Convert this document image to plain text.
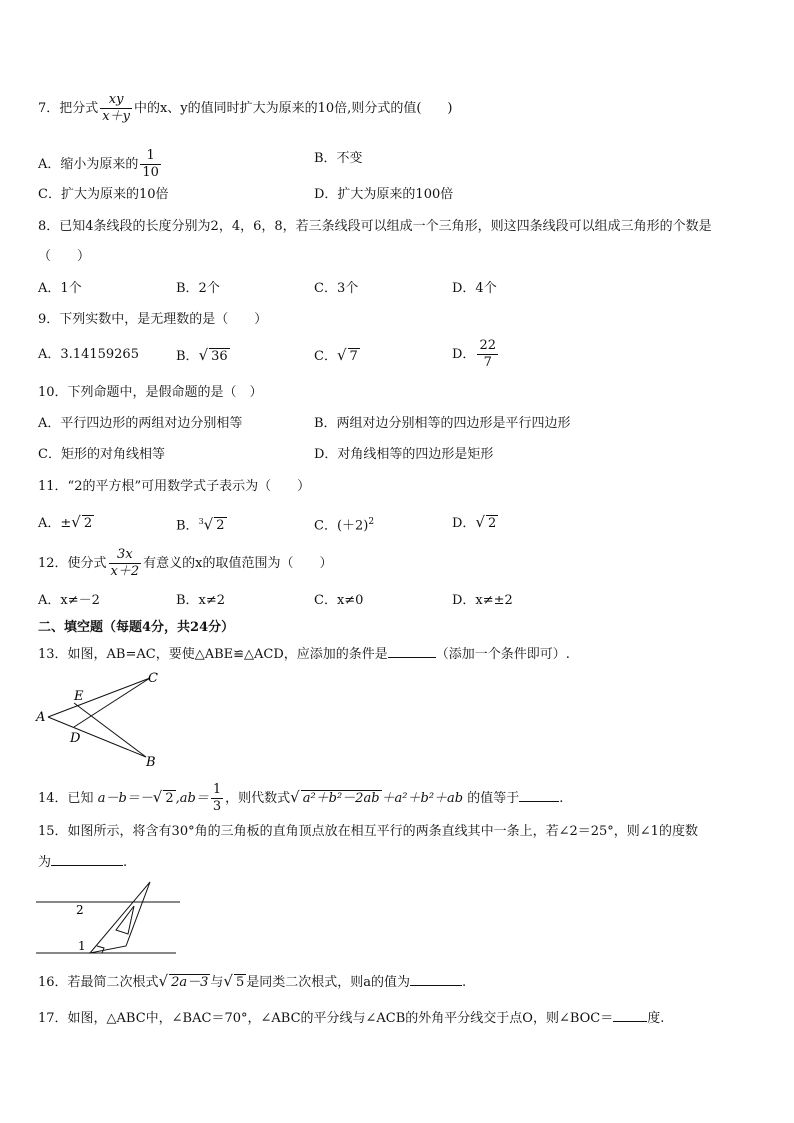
7．把分式 $\frac{xy}{x+y}$ 中的x、y的值同时扩大为原来的10倍,则分式的值(　　)
A．缩小为原来的 $\frac{1}{10}$	B．不变
C．扩大为原来的10倍	D．扩大为原来的100倍
8．已知4条线段的长度分别为2，4，6，8，若三条线段可以组成一个三角形，则这四条线段可以组成三角形的个数是
（　　）
A．1个	B．2个	C．3个	D．4个
9．下列实数中，是无理数的是（　　）
A．3.14159265	B．√ 36	C．√ 7	D． $\frac{22}{7}$
10．下列命题中，是假命题的是（　）
A．平行四边形的两组对边分别相等	B．两组对边分别相等的四边形是平行四边形
C．矩形的对角线相等	D．对角线相等的四边形是矩形
11．“2的平方根”可用数学式子表示为（　　）
A．±√ 2	B．$^3$√ 2	C．$(+2)^2$	D．√ 2
12．使分式 $\frac{3x}{x+2}$ 有意义的x的取值范围为（　　）
A．x≠－2	B．x≠2	C．x≠0	D．x≠±2
二、填空题（每题4分，共24分）
13．如图，AB=AC，要使△ABE≌△ACD，应添加的条件是	（添加一个条件即可）.
A
B
C
D
E
14．已知 a－b＝－√ 2 $,ab= \frac{1}{3}$ ，则代数式√ a²＋b²－2ab ＋a²＋b²＋ab 的值等于	.
15．如图所示，将含有30°角的三角板的直角顶点放在相互平行的两条直线其中一条上，若∠2＝25°，则∠1的度数
为	.
2
1
16．若最简二次根式√ 2a－3 与√ 5 是同类二次根式，则a的值为	.
17．如图，△ABC中，∠BAC＝70°，∠ABC的平分线与∠ACB的外角平分线交于点O，则∠BOC＝	度.
